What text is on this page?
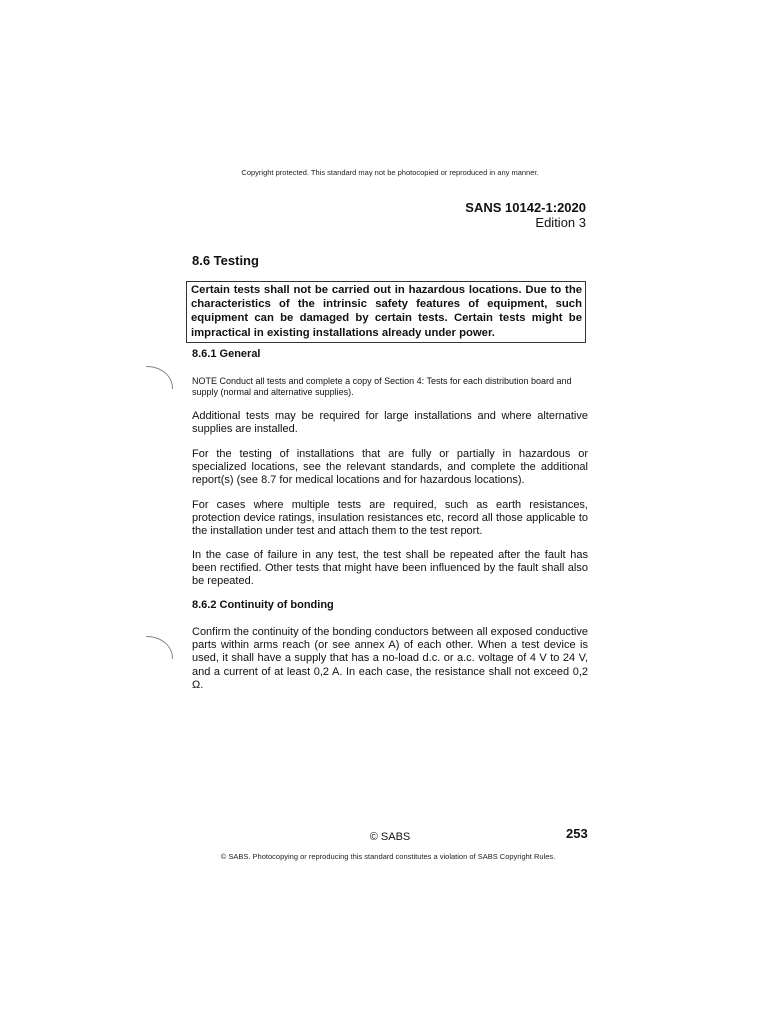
Copyright protected. This standard may not be photocopied or reproduced in any manner.
SANS 10142-1:2020
Edition 3
8.6 Testing
Certain tests shall not be carried out in hazardous locations. Due to the characteristics of the intrinsic safety features of equipment, such equipment can be damaged by certain tests. Certain tests might be impractical in existing installations already under power.
8.6.1 General
NOTE Conduct all tests and complete a copy of Section 4: Tests for each distribution board and supply (normal and alternative supplies).
Additional tests may be required for large installations and where alternative supplies are installed.
For the testing of installations that are fully or partially in hazardous or specialized locations, see the relevant standards, and complete the additional report(s) (see 8.7 for medical locations and for hazardous locations).
For cases where multiple tests are required, such as earth resistances, protection device ratings, insulation resistances etc, record all those applicable to the installation under test and attach them to the test report.
In the case of failure in any test, the test shall be repeated after the fault has been rectified. Other tests that might have been influenced by the fault shall also be repeated.
8.6.2 Continuity of bonding
Confirm the continuity of the bonding conductors between all exposed conductive parts within arms reach (or see annex A) of each other. When a test device is used, it shall have a supply that has a no-load d.c. or a.c. voltage of 4 V to 24 V, and a current of at least 0,2 A. In each case, the resistance shall not exceed 0,2 Ω.
© SABS	253
© SABS. Photocopying or reproducing this standard constitutes a violation of SABS Copyright Rules.
